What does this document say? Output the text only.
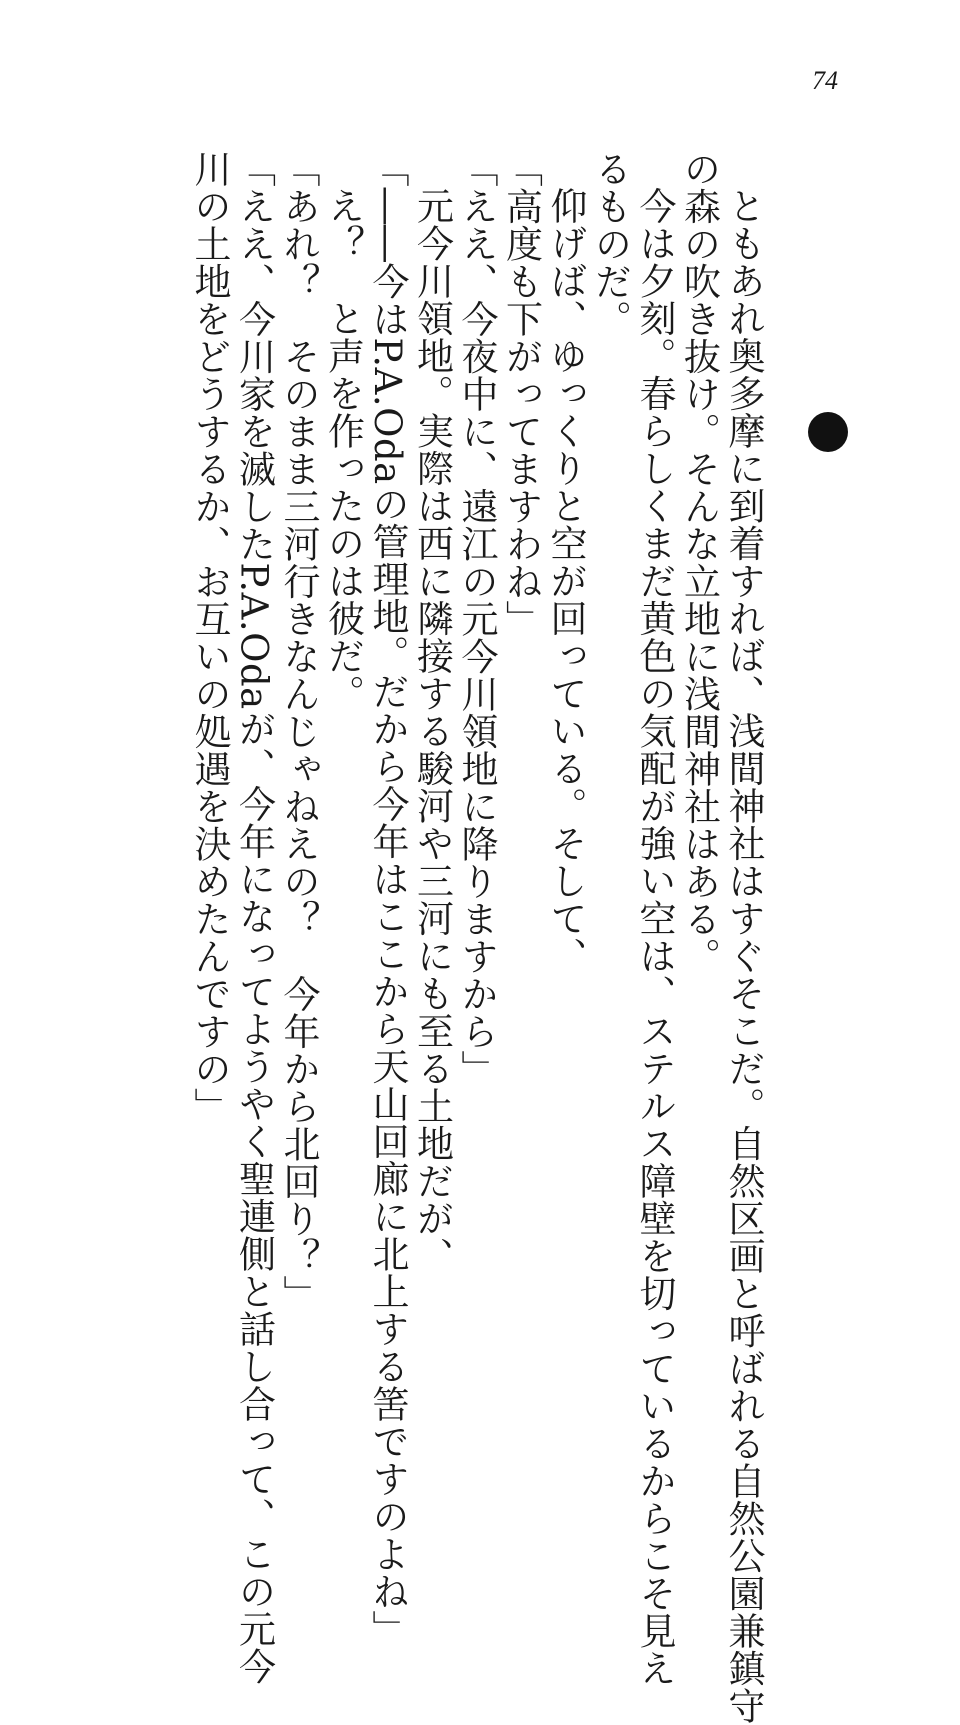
74

ともあれ奥多摩に到着すれば、浅間神社はすぐそこだ。自然区画と呼ばれる自然公園兼鎮守

の森の吹き抜け。そんな立地に浅間神社はある。

今は夕刻。春らしくまだ黄色の気配が強い空は、ステルス障壁を切っているからこそ見え

るものだ。

仰げば、ゆっくりと空が回っている。そして、

「高度も下がってますわね」

「ええ、今夜中に、遠江の元今川領地に降りますから」

元今川領地。実際は西に隣接する駿河や三河にも至る土地だが、

「――今はP.A.Odaの管理地。だから今年はここから天山回廊に北上する筈ですのよね」

え？　と声を作ったのは彼だ。

「あれ？　そのまま三河行きなんじゃねえの？　今年から北回り？」

「ええ、今川家を滅したP.A.Odaが、今年になってようやく聖連側と話し合って、この元今

川の土地をどうするか、お互いの処遇を決めたんですの」
